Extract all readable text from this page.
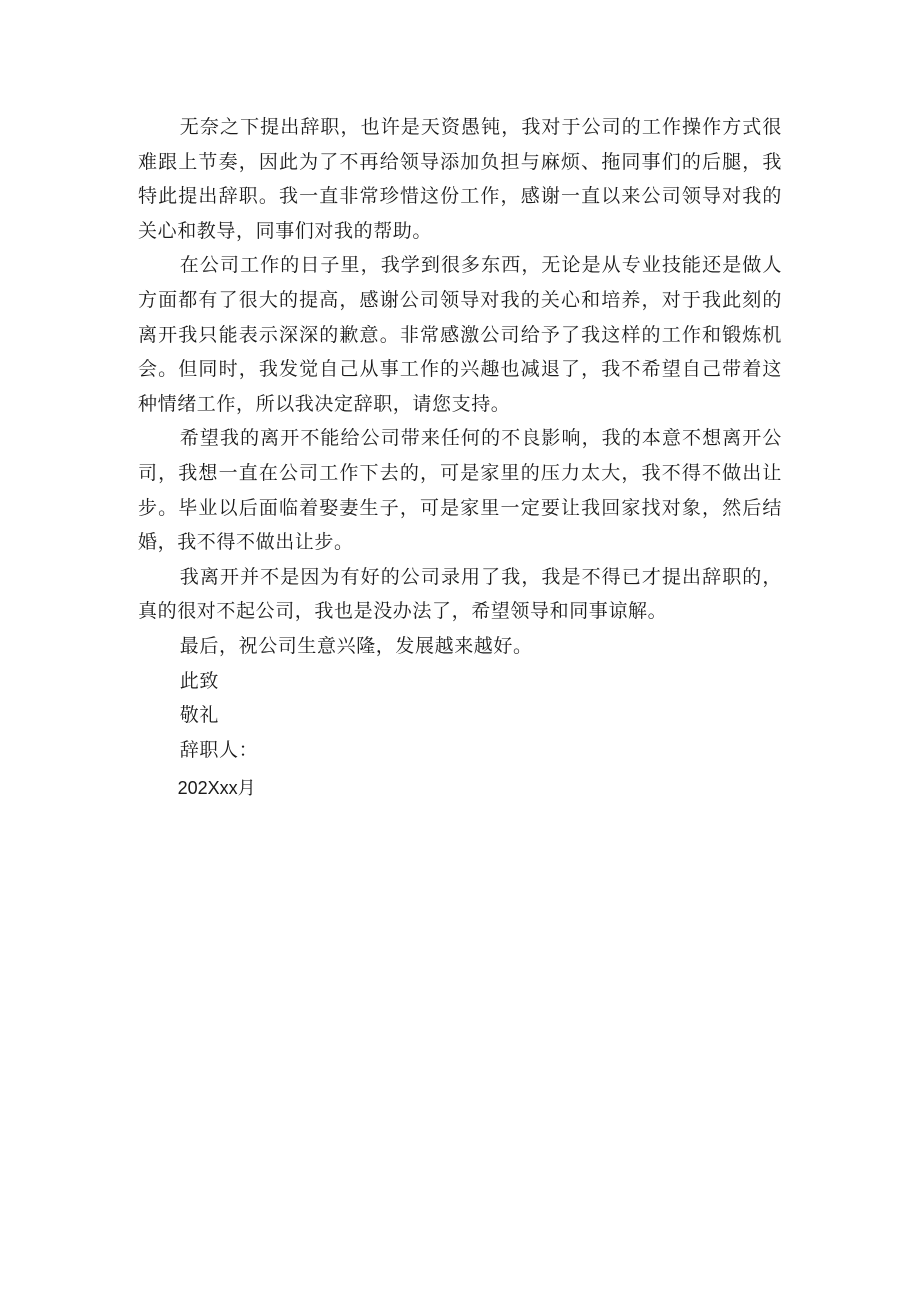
无奈之下提出辞职，也许是天资愚钝，我对于公司的工作操作方式很难跟上节奏，因此为了不再给领导添加负担与麻烦、拖同事们的后腿，我特此提出辞职。我一直非常珍惜这份工作，感谢一直以来公司领导对我的关心和教导，同事们对我的帮助。

在公司工作的日子里，我学到很多东西，无论是从专业技能还是做人方面都有了很大的提高，感谢公司领导对我的关心和培养，对于我此刻的离开我只能表示深深的歉意。非常感激公司给予了我这样的工作和锻炼机会。但同时，我发觉自己从事工作的兴趣也减退了，我不希望自己带着这种情绪工作，所以我决定辞职，请您支持。

希望我的离开不能给公司带来任何的不良影响，我的本意不想离开公司，我想一直在公司工作下去的，可是家里的压力太大，我不得不做出让步。毕业以后面临着娶妻生子，可是家里一定要让我回家找对象，然后结婚，我不得不做出让步。

我离开并不是因为有好的公司录用了我，我是不得已才提出辞职的，真的很对不起公司，我也是没办法了，希望领导和同事谅解。

最后，祝公司生意兴隆，发展越来越好。

此致

敬礼

辞职人：

202Xxx月
